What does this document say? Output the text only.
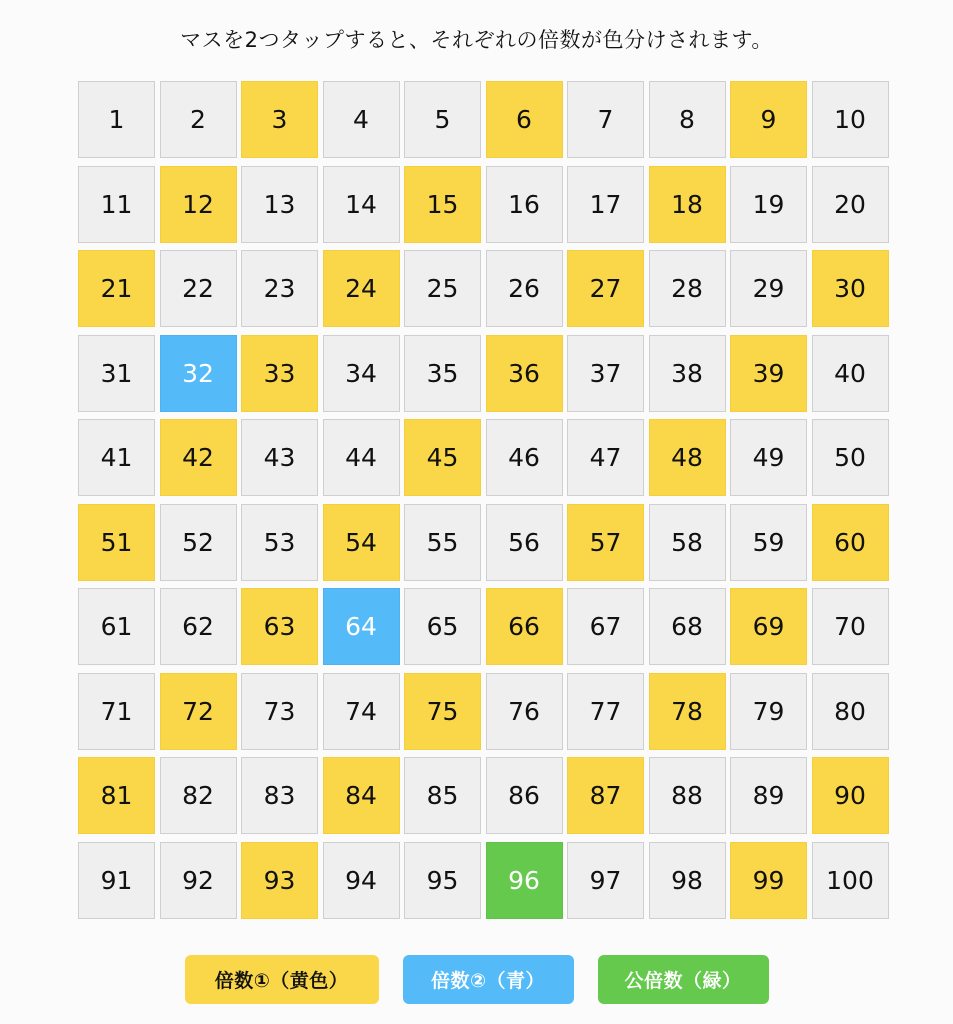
マスを2つタップすると、それぞれの倍数が色分けされます。
1	2	3	4	5	6	7	8	9	10
11	12	13	14	15	16	17	18	19	20
21	22	23	24	25	26	27	28	29	30
31	32	33	34	35	36	37	38	39	40
41	42	43	44	45	46	47	48	49	50
51	52	53	54	55	56	57	58	59	60
61	62	63	64	65	66	67	68	69	70
71	72	73	74	75	76	77	78	79	80
81	82	83	84	85	86	87	88	89	90
91	92	93	94	95	96	97	98	99	100
倍数①（黄色）	倍数②（青）	公倍数（緑）
